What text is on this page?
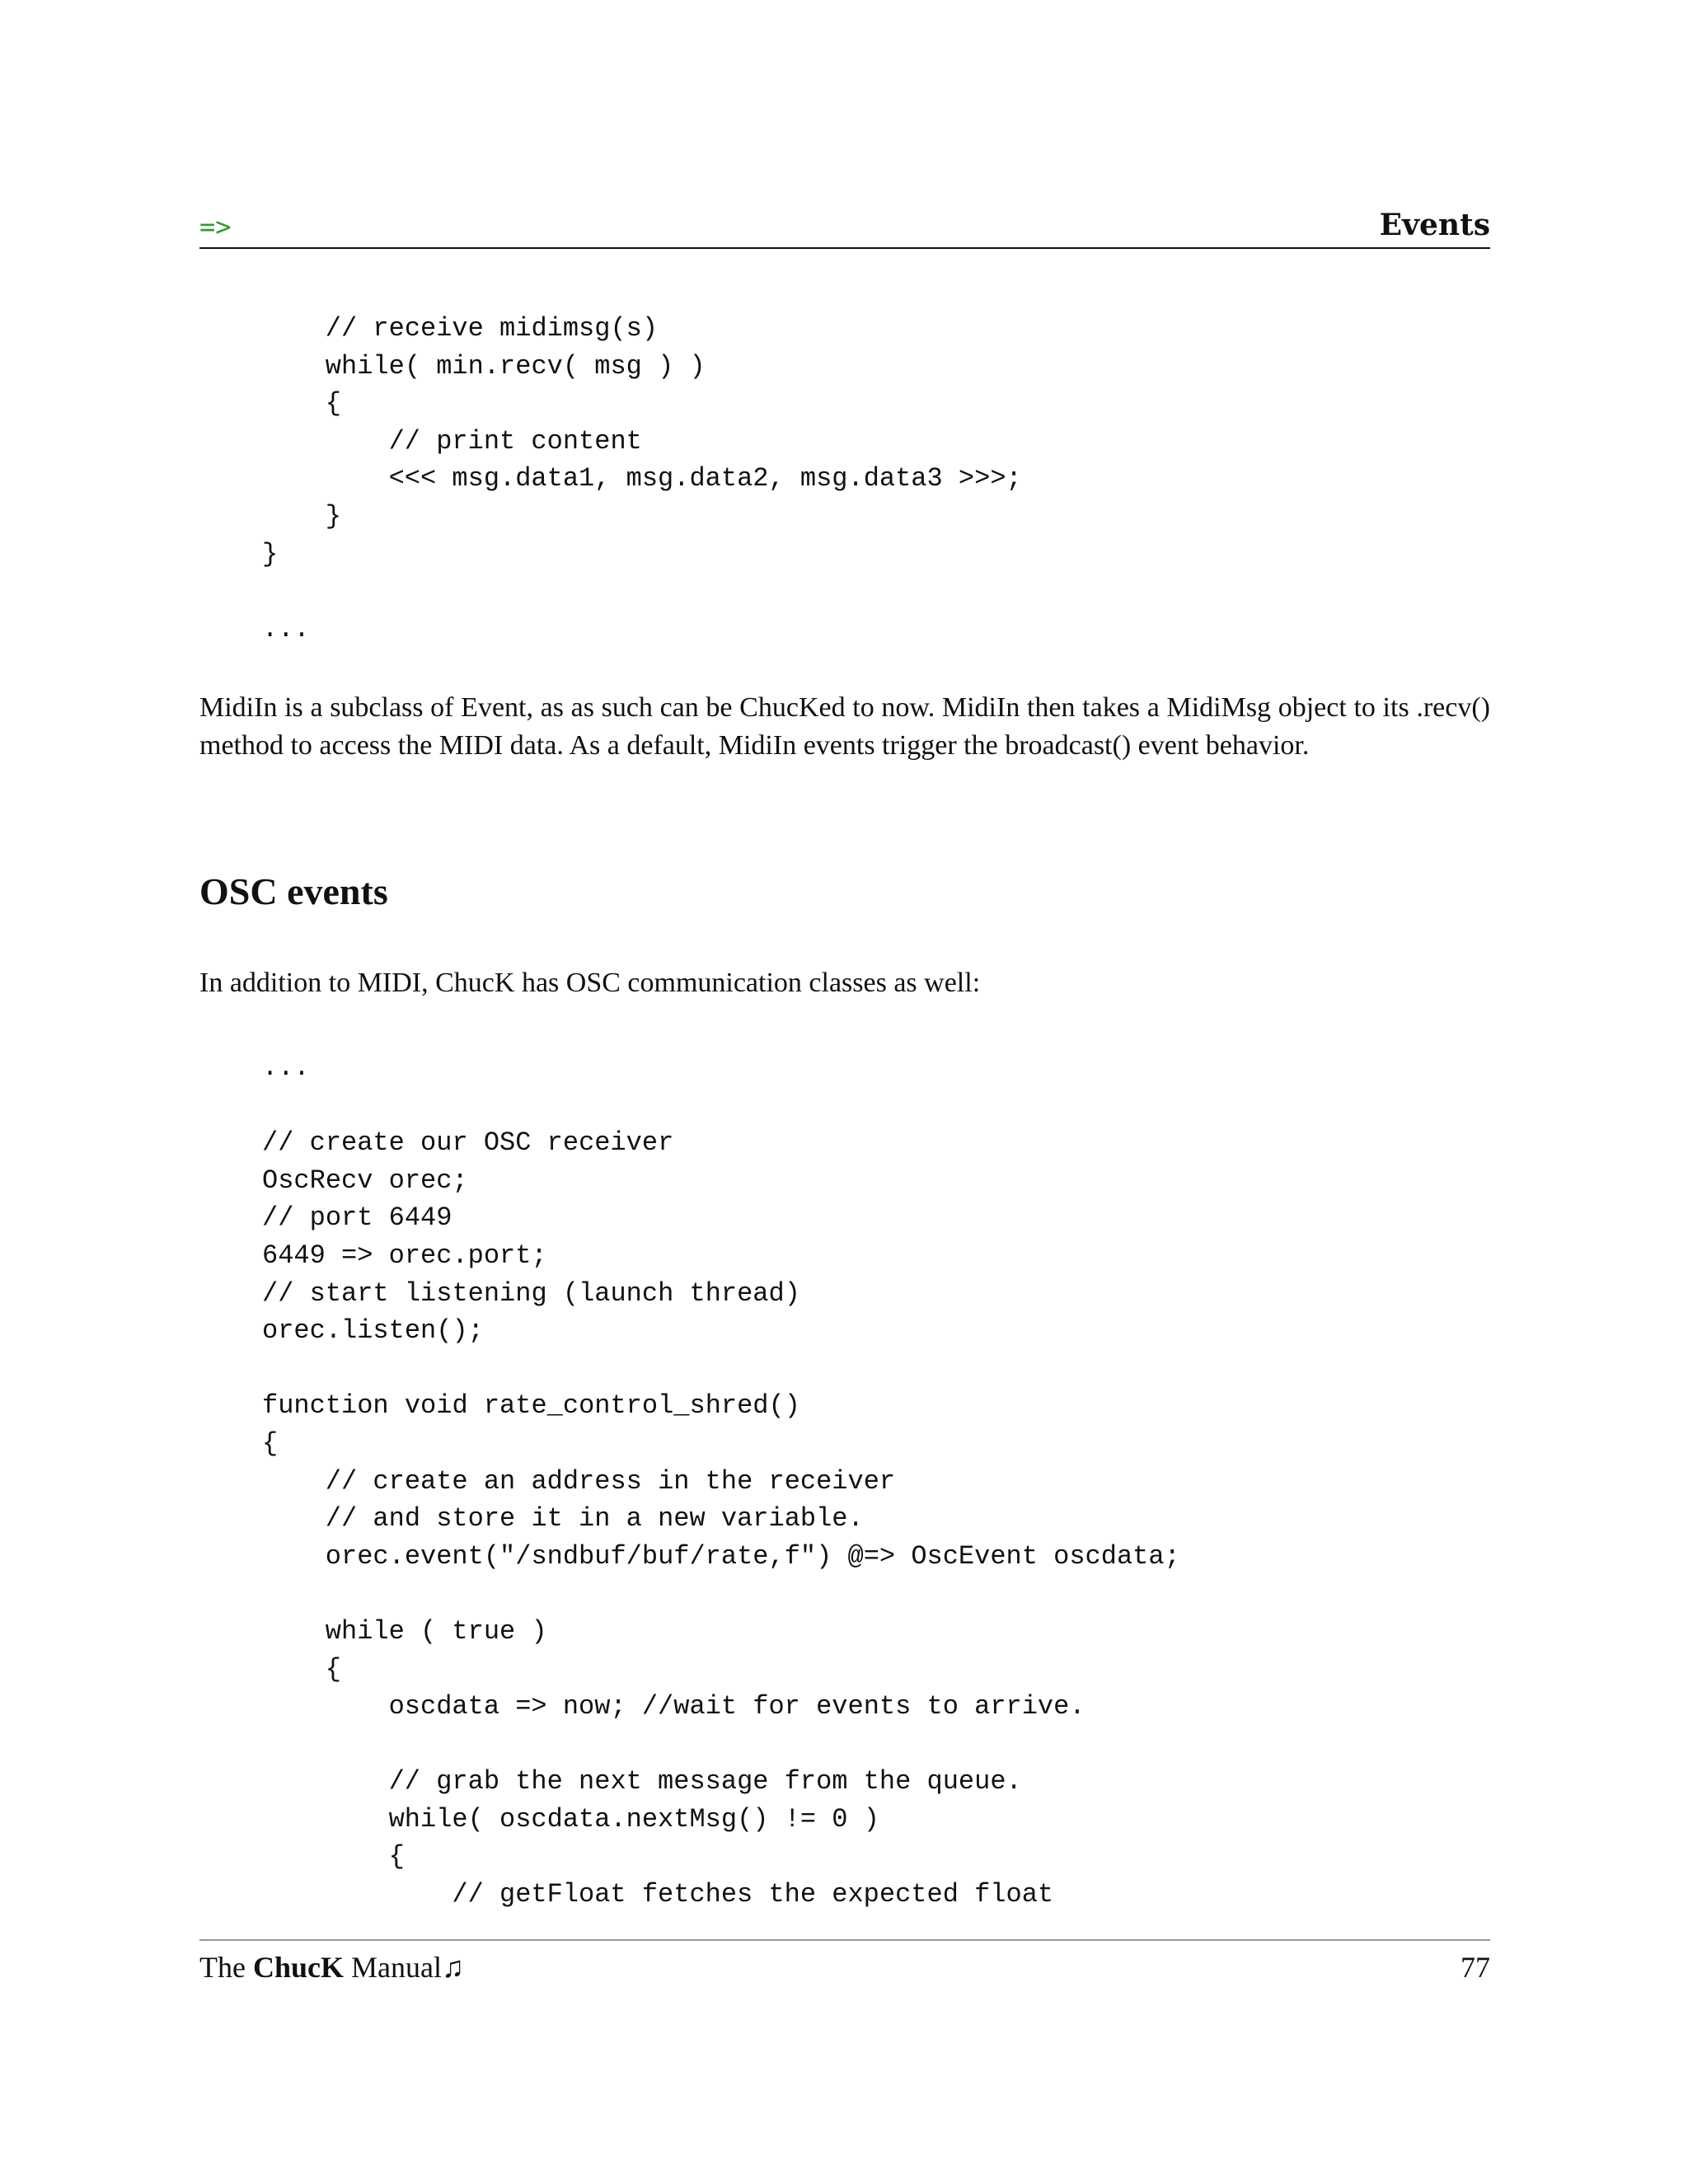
=>	Events
// receive midimsg(s)
while( min.recv( msg ) )
{
// print content
<<< msg.data1, msg.data2, msg.data3 >>>;
}
}
...

MidiIn is a subclass of Event, as as such can be ChucKed to now. MidiIn then takes a MidiMsg object to its .recv() method to access the MIDI data. As a default, MidiIn events trigger the broadcast() event behavior.

OSC events

In addition to MIDI, ChucK has OSC communication classes as well:

...
// create our OSC receiver
OscRecv orec;
// port 6449
6449 => orec.port;
// start listening (launch thread)
orec.listen();
function void rate_control_shred()
{
// create an address in the receiver
// and store it in a new variable.
orec.event("/sndbuf/buf/rate,f") @=> OscEvent oscdata;
while ( true )
{
oscdata => now; //wait for events to arrive.
// grab the next message from the queue.
while( oscdata.nextMsg() != 0 )
{
// getFloat fetches the expected float
The ChucK Manual♫	77
